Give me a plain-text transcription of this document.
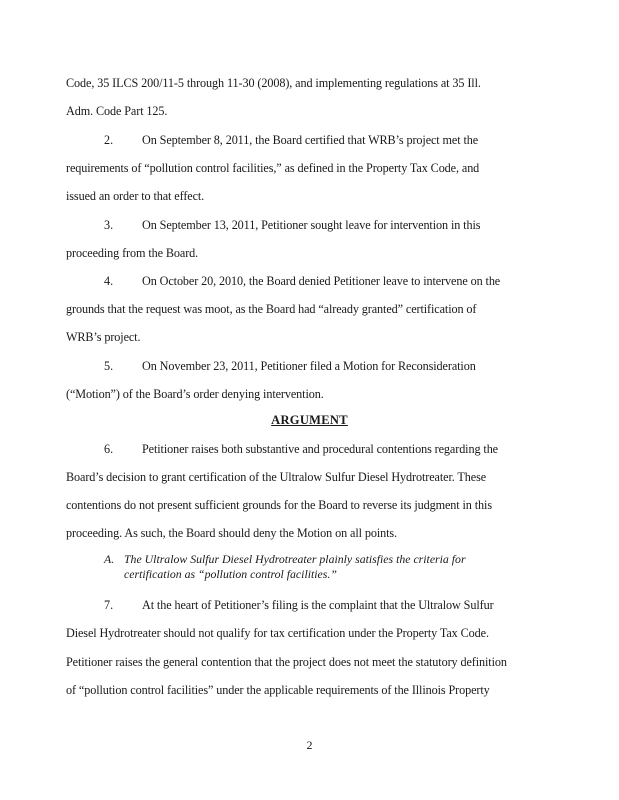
Code, 35 ILCS 200/11-5 through 11-30 (2008), and implementing regulations at 35 Ill.
Adm. Code Part 125.
2. On September 8, 2011, the Board certified that WRB’s project met the
requirements of “pollution control facilities,” as defined in the Property Tax Code, and
issued an order to that effect.
3. On September 13, 2011, Petitioner sought leave for intervention in this
proceeding from the Board.
4. On October 20, 2010, the Board denied Petitioner leave to intervene on the
grounds that the request was moot, as the Board had “already granted” certification of
WRB’s project.
5. On November 23, 2011, Petitioner filed a Motion for Reconsideration
(“Motion”) of the Board’s order denying intervention.
ARGUMENT
6. Petitioner raises both substantive and procedural contentions regarding the
Board’s decision to grant certification of the Ultralow Sulfur Diesel Hydrotreater. These
contentions do not present sufficient grounds for the Board to reverse its judgment in this
proceeding. As such, the Board should deny the Motion on all points.
A. The Ultralow Sulfur Diesel Hydrotreater plainly satisfies the criteria for
certification as “pollution control facilities.”
7. At the heart of Petitioner’s filing is the complaint that the Ultralow Sulfur
Diesel Hydrotreater should not qualify for tax certification under the Property Tax Code.
Petitioner raises the general contention that the project does not meet the statutory definition
of “pollution control facilities” under the applicable requirements of the Illinois Property
2
